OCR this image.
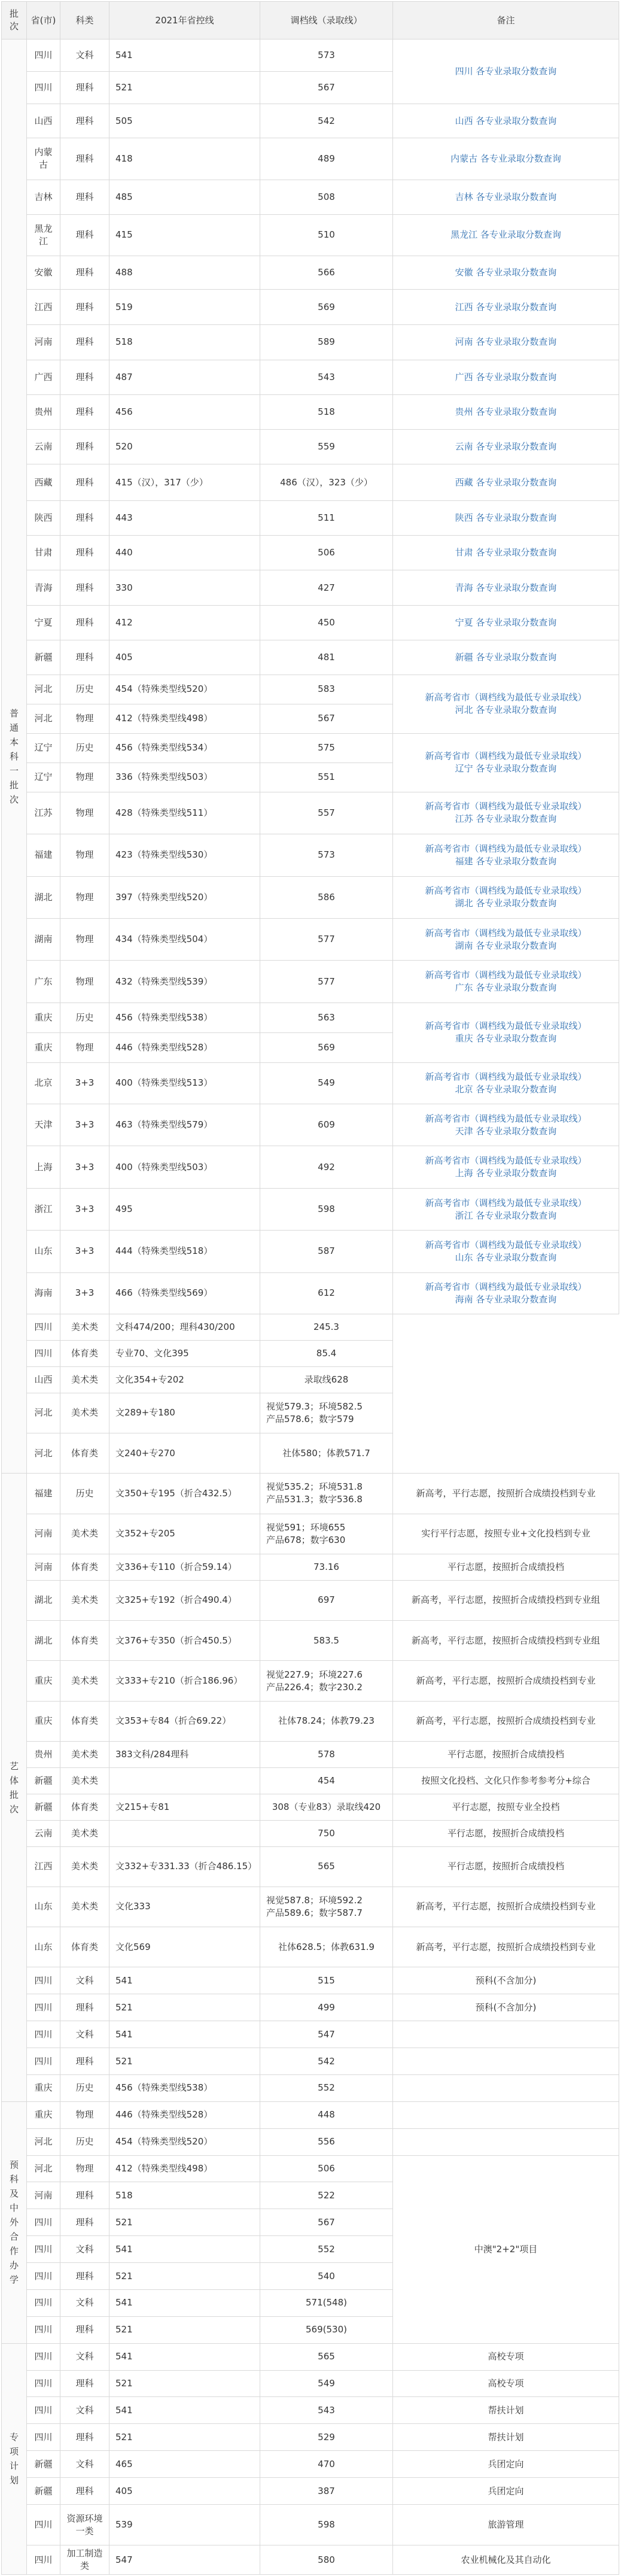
批次	省(市)	科类	2021年省控线	调档线（录取线）	备注

普通本科一批次	四川	文科	541	573	四川 各专业录取分数查询

	四川	理科	521	567	

	山西	理科	505	542	山西 各专业录取分数查询

	内蒙古	理科	418	489	内蒙古 各专业录取分数查询

	吉林	理科	485	508	吉林 各专业录取分数查询

	黑龙江	理科	415	510	黑龙江 各专业录取分数查询

	安徽	理科	488	566	安徽 各专业录取分数查询

	江西	理科	519	569	江西 各专业录取分数查询

	河南	理科	518	589	河南 各专业录取分数查询

	广西	理科	487	543	广西 各专业录取分数查询

	贵州	理科	456	518	贵州 各专业录取分数查询

	云南	理科	520	559	云南 各专业录取分数查询

	西藏	理科	415（汉），317（少）	486（汉），323（少）	西藏 各专业录取分数查询

	陕西	理科	443	511	陕西 各专业录取分数查询

	甘肃	理科	440	506	甘肃 各专业录取分数查询

	青海	理科	330	427	青海 各专业录取分数查询

	宁夏	理科	412	450	宁夏 各专业录取分数查询

	新疆	理科	405	481	新疆 各专业录取分数查询

	河北	历史	454（特殊类型线520）	583	新高考省市（调档线为最低专业录取线）
河北 各专业录取分数查询

	河北	物理	412（特殊类型线498）	567	

	辽宁	历史	456（特殊类型线534）	575	新高考省市（调档线为最低专业录取线）
辽宁 各专业录取分数查询

	辽宁	物理	336（特殊类型线503）	551	

	江苏	物理	428（特殊类型线511）	557	新高考省市（调档线为最低专业录取线）
江苏 各专业录取分数查询

	福建	物理	423（特殊类型线530）	573	新高考省市（调档线为最低专业录取线）
福建 各专业录取分数查询

	湖北	物理	397（特殊类型线520）	586	新高考省市（调档线为最低专业录取线）
湖北 各专业录取分数查询

	湖南	物理	434（特殊类型线504）	577	新高考省市（调档线为最低专业录取线）
湖南 各专业录取分数查询

	广东	物理	432（特殊类型线539）	577	新高考省市（调档线为最低专业录取线）
广东 各专业录取分数查询

	重庆	历史	456（特殊类型线538）	563	新高考省市（调档线为最低专业录取线）
重庆 各专业录取分数查询

	重庆	物理	446（特殊类型线528）	569	

	北京	3+3	400（特殊类型线513）	549	新高考省市（调档线为最低专业录取线）
北京 各专业录取分数查询

	天津	3+3	463（特殊类型线579）	609	新高考省市（调档线为最低专业录取线）
天津 各专业录取分数查询

	上海	3+3	400（特殊类型线503）	492	新高考省市（调档线为最低专业录取线）
上海 各专业录取分数查询

	浙江	3+3	495	598	新高考省市（调档线为最低专业录取线）
浙江 各专业录取分数查询

	山东	3+3	444（特殊类型线518）	587	新高考省市（调档线为最低专业录取线）
山东 各专业录取分数查询

	海南	3+3	466（特殊类型线569）	612	新高考省市（调档线为最低专业录取线）
海南 各专业录取分数查询

	四川	美术类	文科474/200；理科430/200	245.3	

	四川	体育类	专业70、文化395	85.4	

	山西	美术类	文化354+专202	录取线628	

	河北	美术类	文289+专180	视觉579.3；环境582.5
产品578.6；数字579	

	河北	体育类	文240+专270	社体580；体教571.7	

艺体批次	福建	历史	文350+专195（折合432.5）	视觉535.2；环境531.8
产品531.3；数字536.8	新高考，平行志愿，按照折合成绩投档到专业
	河南	美术类	文352+专205	视觉591；环境655
产品678；数字630	实行平行志愿，按照专业+文化投档到专业
	河南	体育类	文336+专110（折合59.14）	73.16	平行志愿，按照折合成绩投档
	湖北	美术类	文325+专192（折合490.4）	697	新高考，平行志愿，按照折合成绩投档到专业组
	湖北	体育类	文376+专350（折合450.5）	583.5	新高考，平行志愿，按照折合成绩投档到专业组
	重庆	美术类	文333+专210（折合186.96）	视觉227.9；环境227.6
产品226.4；数字230.2	新高考，平行志愿，按照折合成绩投档到专业
	重庆	体育类	文353+专84（折合69.22）	社体78.24；体教79.23	新高考，平行志愿，按照折合成绩投档到专业
	贵州	美术类	383文科/284理科	578	平行志愿，按照折合成绩投档
	新疆	美术类		454	按照文化投档、文化只作参考参考分+综合
	新疆	体育类	文215+专81	308（专业83）录取线420	平行志愿，按照专业全投档
	云南	美术类		750	平行志愿，按照折合成绩投档
	江西	美术类	文332+专331.33（折合486.15）	565	平行志愿，按照折合成绩投档
	山东	美术类	文化333	视觉587.8；环境592.2
产品589.6；数字587.7	新高考，平行志愿，按照折合成绩投档到专业
	山东	体育类	文化569	社体628.5；体教631.9	新高考，平行志愿，按照折合成绩投档到专业
	四川	文科	541	515	预科(不含加分)
	四川	理科	521	499	预科(不含加分)
	四川	文科	541	547	

	四川	理科	521	542	

	重庆	历史	456（特殊类型线538）	552	

预科及中外合作办学	重庆	物理	446（特殊类型线528）	448	

	河北	历史	454（特殊类型线520）	556	

	河北	物理	412（特殊类型线498）	506	中澳"2+2"项目
	河南	理科	518	522	

	四川	理科	521	567	

	四川	文科	541	552	

	四川	理科	521	540	

	四川	文科	541	571(548)	

	四川	理科	521	569(530)	

专项计划	四川	文科	541	565	高校专项
	四川	理科	521	549	高校专项
	四川	文科	541	543	帮扶计划
	四川	理科	521	529	帮扶计划
	新疆	文科	465	470	兵团定向
	新疆	理科	405	387	兵团定向
	四川	资源环境一类	539	598	旅游管理
	四川	加工制造类	547	580	农业机械化及其自动化
